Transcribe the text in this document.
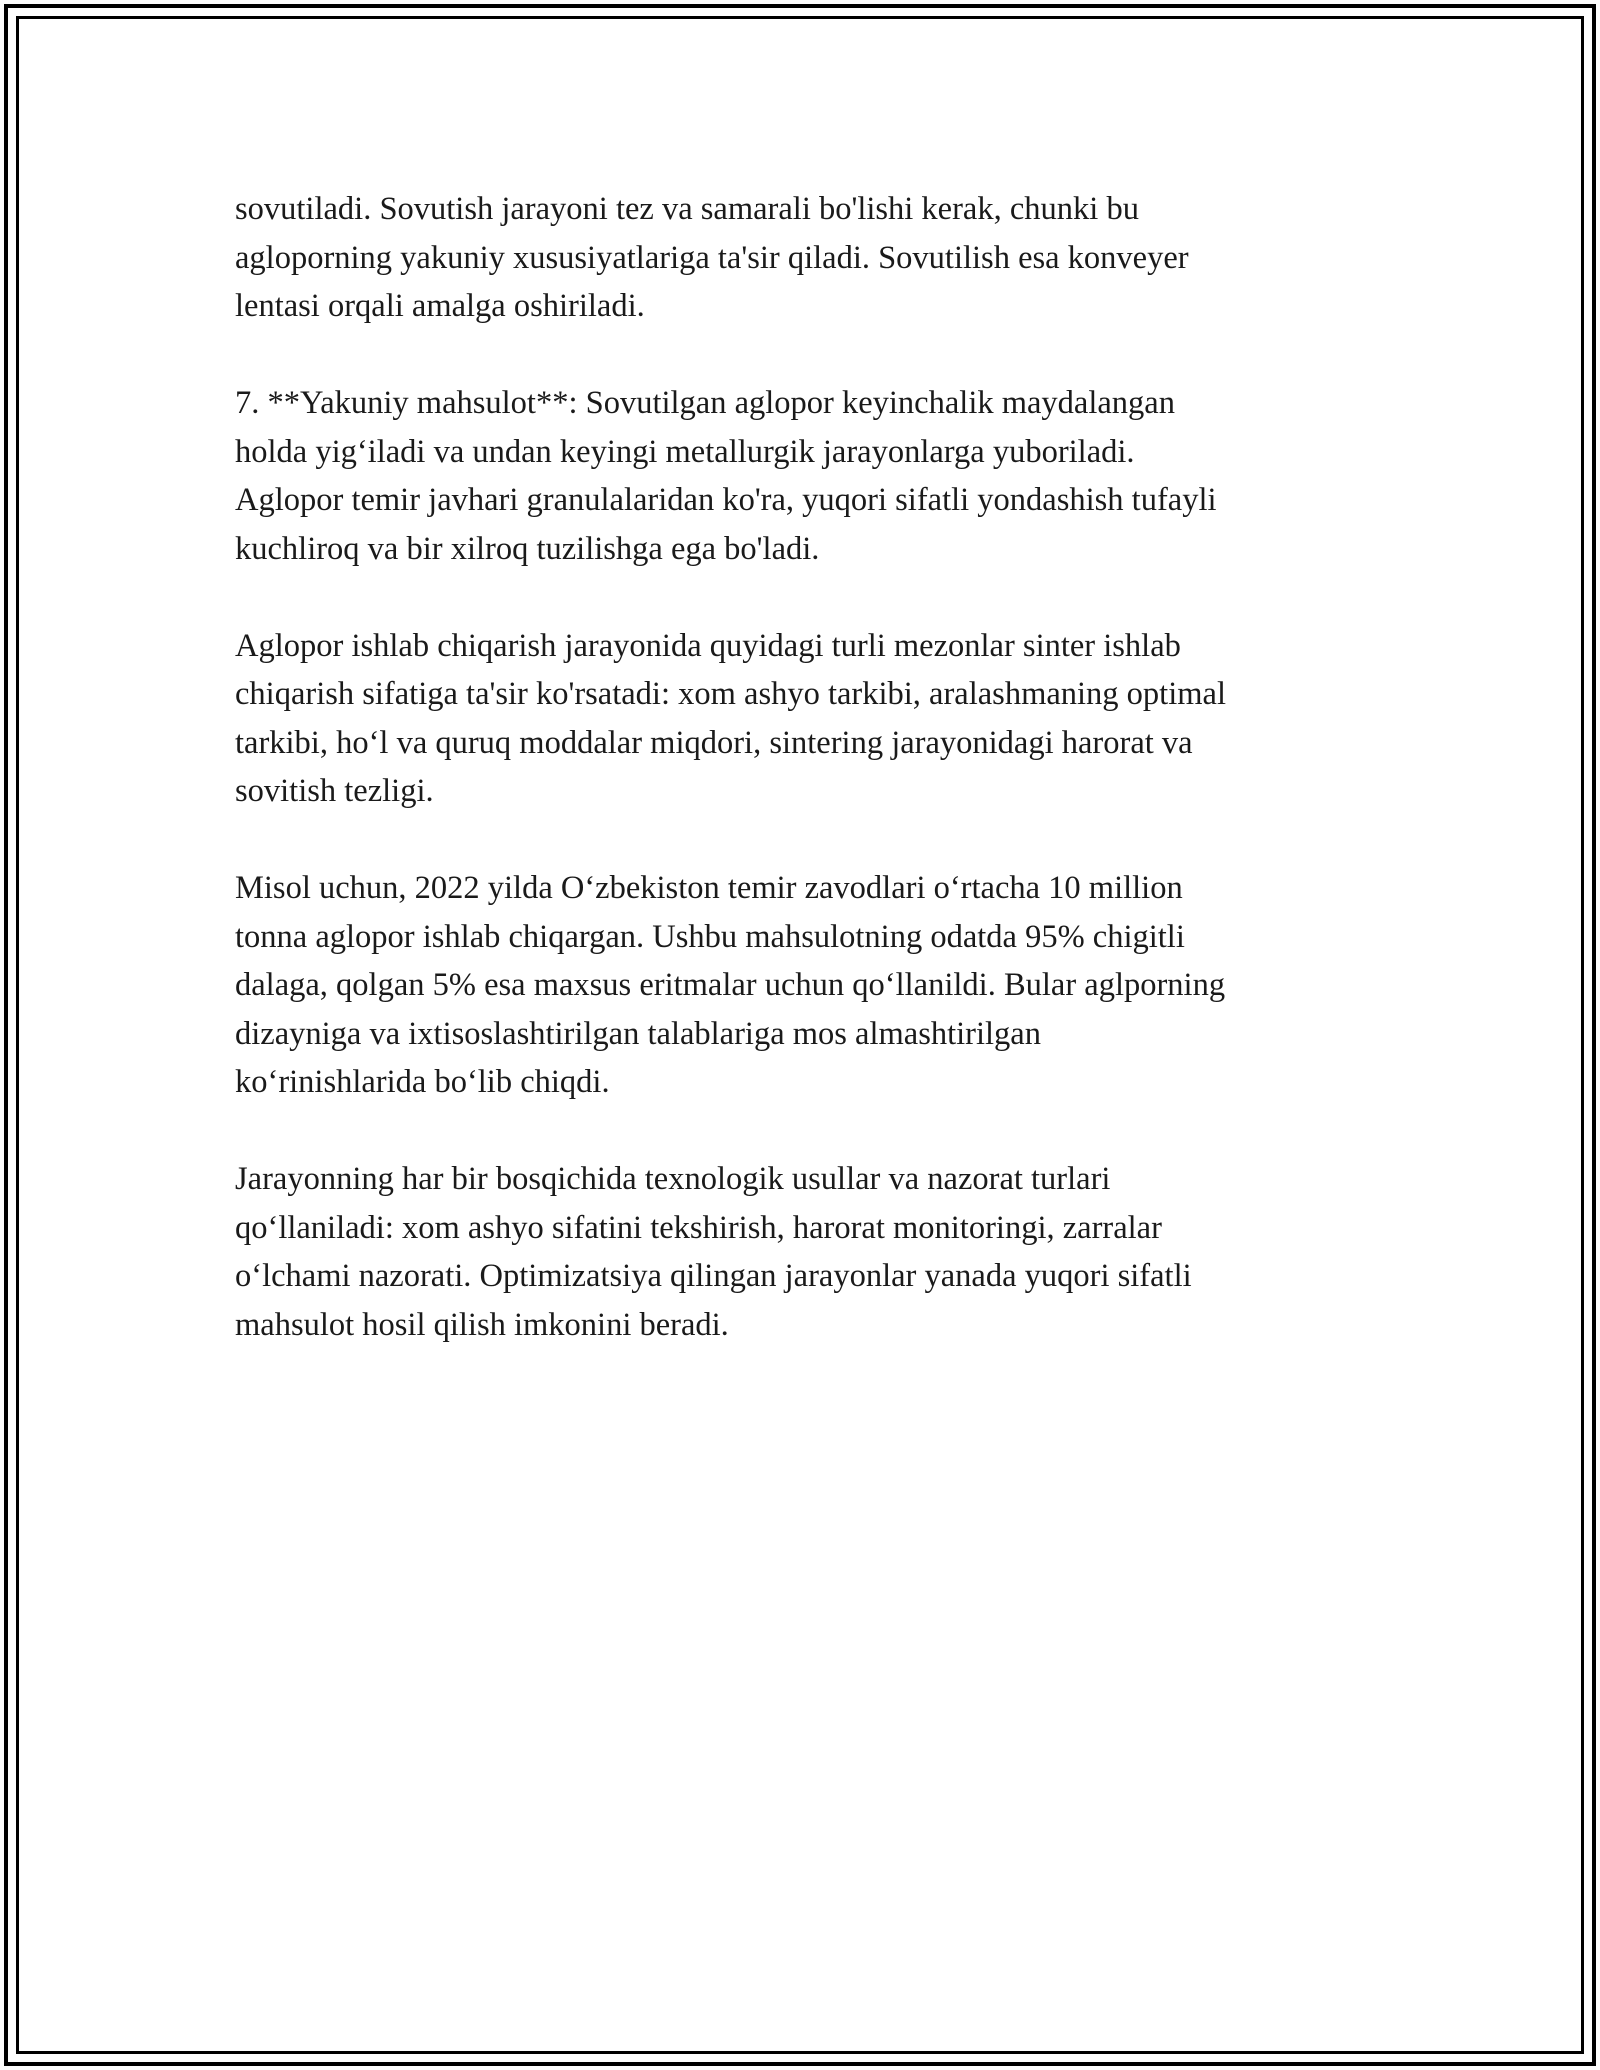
sovutiladi. Sovutish jarayoni tez va samarali bo'lishi kerak, chunki bu
aglоporning yakuniy xususiyatlariga ta'sir qiladi. Sovutilish esa konveyer
lentasi orqali amalga oshiriladi.

7. **Yakuniy mahsulot**: Sovutilgan aglopor keyinchalik maydalangan
holda yig‘iladi va undan keyingi metallurgik jarayonlarga yuboriladi.
Aglopor temir javhari granulalaridan ko'ra, yuqori sifatli yondashish tufayli
kuchliroq va bir xilroq tuzilishga ega bo'ladi.

Aglopor ishlab chiqarish jarayonida quyidagi turli mezonlar sinter ishlab
chiqarish sifatiga ta'sir ko'rsatadi: xom ashyo tarkibi, aralashmaning optimal
tarkibi, ho‘l va quruq moddalar miqdori, sintering jarayonidagi harorat va
sovitish tezligi.

Misol uchun, 2022 yilda O‘zbekiston temir zavodlari o‘rtacha 10 million
tonna aglopor ishlab chiqargan. Ushbu mahsulotning odatda 95% chigitli
dalaga, qolgan 5% esa maxsus eritmalar uchun qo‘llanildi. Bular aglporning
dizayniga va ixtisoslashtirilgan talablariga mos almashtirilgan
ko‘rinishlarida bo‘lib chiqdi.

Jarayonning har bir bosqichida texnologik usullar va nazorat turlari
qo‘llaniladi: xom ashyo sifatini tekshirish, harorat monitoringi, zarralar
o‘lchami nazorati. Optimizatsiya qilingan jarayonlar yanada yuqori sifatli
mahsulot hosil qilish imkonini beradi.
